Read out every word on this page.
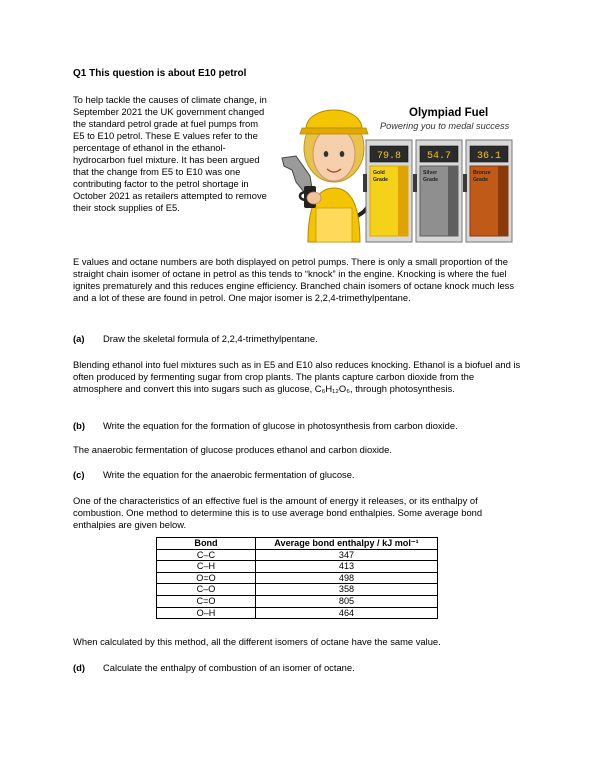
Q1 This question is about E10 petrol
To help tackle the causes of climate change, in September 2021 the UK government changed the standard petrol grade at fuel pumps from E5 to E10 petrol. These E values refer to the percentage of ethanol in the ethanol-hydrocarbon fuel mixture. It has been argued that the change from E5 to E10 was one contributing factor to the petrol shortage in October 2021 as retailers attempted to remove their stock supplies of E5.
79.8
Gold
Grade
54.7
Silver
Grade
36.1
Bronze
Grade
Olympiad Fuel
Powering you to medal success
E values and octane numbers are both displayed on petrol pumps. There is only a small proportion of the straight chain isomer of octane in petrol as this tends to “knock” in the engine. Knocking is where the fuel ignites prematurely and this reduces engine efficiency. Branched chain isomers of octane knock much less and a lot of these are found in petrol. One major isomer is 2,2,4-trimethylpentane.
(a) Draw the skeletal formula of 2,2,4-trimethylpentane.
Blending ethanol into fuel mixtures such as in E5 and E10 also reduces knocking. Ethanol is a biofuel and is often produced by fermenting sugar from crop plants. The plants capture carbon dioxide from the atmosphere and convert this into sugars such as glucose, C₆H₁₂O₆, through photosynthesis.
(b) Write the equation for the formation of glucose in photosynthesis from carbon dioxide.
The anaerobic fermentation of glucose produces ethanol and carbon dioxide.
(c) Write the equation for the anaerobic fermentation of glucose.
One of the characteristics of an effective fuel is the amount of energy it releases, or its enthalpy of combustion. One method to determine this is to use average bond enthalpies. Some average bond enthalpies are given below.
Bond	Average bond enthalpy / kJ mol⁻¹
C–C	347
C–H	413
O=O	498
C–O	358
C=O	805
O–H	464
When calculated by this method, all the different isomers of octane have the same value.
(d) Calculate the enthalpy of combustion of an isomer of octane.
